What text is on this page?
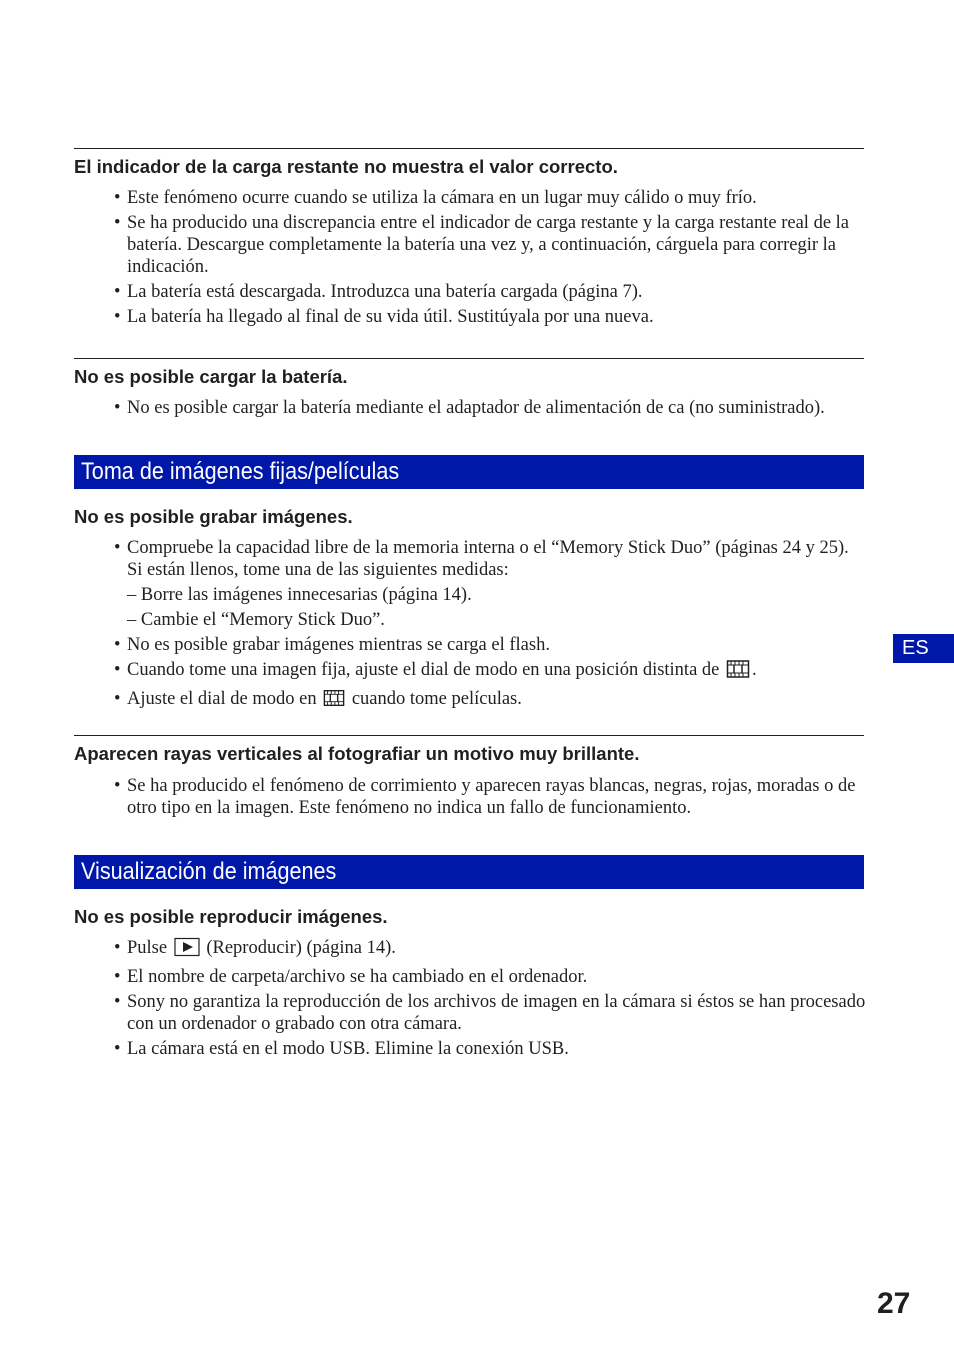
El indicador de la carga restante no muestra el valor correcto.
• Este fenómeno ocurre cuando se utiliza la cámara en un lugar muy cálido o muy frío.
• Se ha producido una discrepancia entre el indicador de carga restante y la carga restante real de la batería. Descargue completamente la batería una vez y, a continuación, cárguela para corregir la indicación.
• La batería está descargada. Introduzca una batería cargada (página 7).
• La batería ha llegado al final de su vida útil. Sustitúyala por una nueva.
No es posible cargar la batería.
• No es posible cargar la batería mediante el adaptador de alimentación de ca (no suministrado).
Toma de imágenes fijas/películas
No es posible grabar imágenes.
• Compruebe la capacidad libre de la memoria interna o el “Memory Stick Duo” (páginas 24 y 25). Si están llenos, tome una de las siguientes medidas:
– Borre las imágenes innecesarias (página 14).
– Cambie el “Memory Stick Duo”.
• No es posible grabar imágenes mientras se carga el flash.
• Cuando tome una imagen fija, ajuste el dial de modo en una posición distinta de .
• Ajuste el dial de modo en cuando tome películas.
Aparecen rayas verticales al fotografiar un motivo muy brillante.
• Se ha producido el fenómeno de corrimiento y aparecen rayas blancas, negras, rojas, moradas o de otro tipo en la imagen. Este fenómeno no indica un fallo de funcionamiento.
Visualización de imágenes
No es posible reproducir imágenes.
• Pulse (Reproducir) (página 14).
• El nombre de carpeta/archivo se ha cambiado en el ordenador.
• Sony no garantiza la reproducción de los archivos de imagen en la cámara si éstos se han procesado con un ordenador o grabado con otra cámara.
• La cámara está en el modo USB. Elimine la conexión USB.
ES
27
